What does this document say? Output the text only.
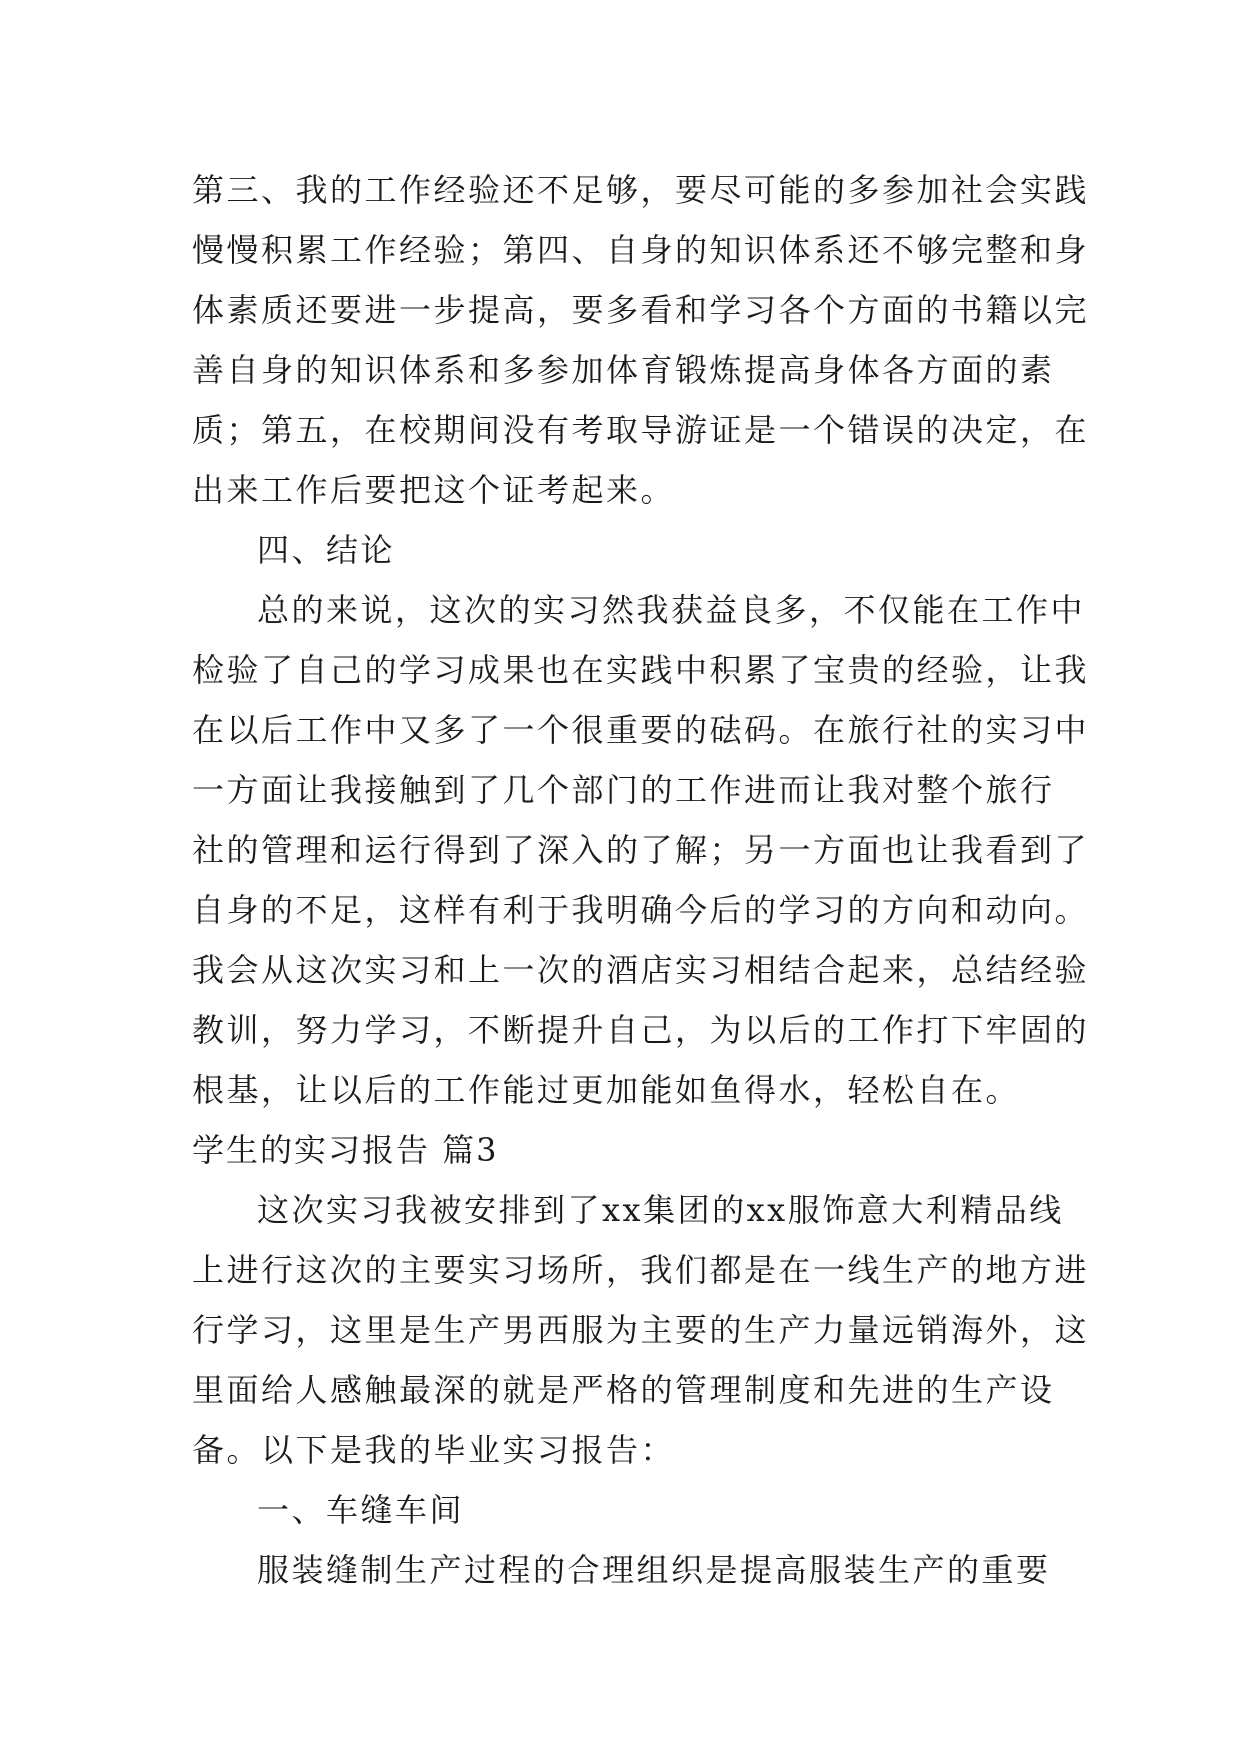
第三、我的工作经验还不足够，要尽可能的多参加社会实践
慢慢积累工作经验；第四、自身的知识体系还不够完整和身
体素质还要进一步提高，要多看和学习各个方面的书籍以完
善自身的知识体系和多参加体育锻炼提高身体各方面的素
质；第五，在校期间没有考取导游证是一个错误的决定，在
出来工作后要把这个证考起来。
四、结论
总的来说，这次的实习然我获益良多，不仅能在工作中
检验了自己的学习成果也在实践中积累了宝贵的经验，让我
在以后工作中又多了一个很重要的砝码。在旅行社的实习中
一方面让我接触到了几个部门的工作进而让我对整个旅行
社的管理和运行得到了深入的了解；另一方面也让我看到了
自身的不足，这样有利于我明确今后的学习的方向和动向。
我会从这次实习和上一次的酒店实习相结合起来，总结经验
教训，努力学习，不断提升自己，为以后的工作打下牢固的
根基，让以后的工作能过更加能如鱼得水，轻松自在。
学生的实习报告 篇3
这次实习我被安排到了xx集团的xx服饰意大利精品线
上进行这次的主要实习场所，我们都是在一线生产的地方进
行学习，这里是生产男西服为主要的生产力量远销海外，这
里面给人感触最深的就是严格的管理制度和先进的生产设
备。以下是我的毕业实习报告：
一、车缝车间
服装缝制生产过程的合理组织是提高服装生产的重要
